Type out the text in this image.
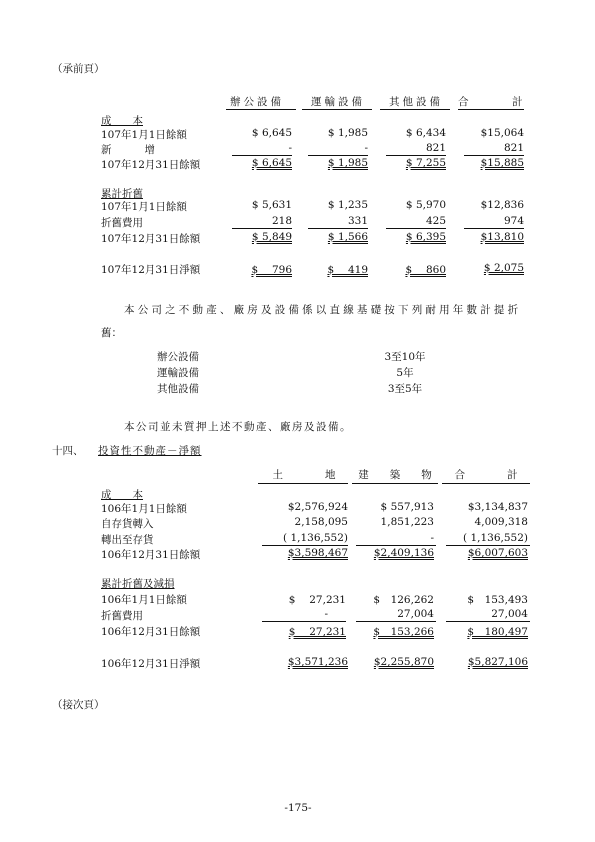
（承前頁）
辦公設備	運輸設備	其他設備	合　　　計
成　　本
107年1月1日餘額	$ 6,645	$ 1,985	$ 6,434	$15,064
新　　增	-	-	821	821
107年12月31日餘額	$ 6,645	$ 1,985	$ 7,255	$15,885
累計折舊
107年1月1日餘額	$ 5,631	$ 1,235	$ 5,970	$12,836
折舊費用	218	331	425	974
107年12月31日餘額	$ 5,849	$ 1,566	$ 6,395	$13,810
107年12月31日淨額	$　 796	$　 419	$　 860	$ 2,075
本公司之不動產、廠房及設備係以直線基礎按下列耐用年數計提折
舊：
辦公設備	3至10年
運輸設備	5年
其他設備	3至5年
本公司並未質押上述不動產、廠房及設備。
十四、 投資性不動產－淨額
土　　　　地	建　　築　　物	合　　　　計
成　　本
106年1月1日餘額	$2,576,924	$ 557,913	$3,134,837
自存貨轉入	2,158,095	1,851,223	4,009,318
轉出至存貨	( 1,136,552)	-	( 1,136,552)
106年12月31日餘額	$3,598,467	$2,409,136	$6,007,603
累計折舊及減損
106年1月1日餘額	$　 27,231	$　126,262	$　153,493
折舊費用	-	27,004	27,004
106年12月31日餘額	$　 27,231	$　153,266	$　180,497
106年12月31日淨額	$3,571,236	$2,255,870	$5,827,106
（接次頁）
-175-
